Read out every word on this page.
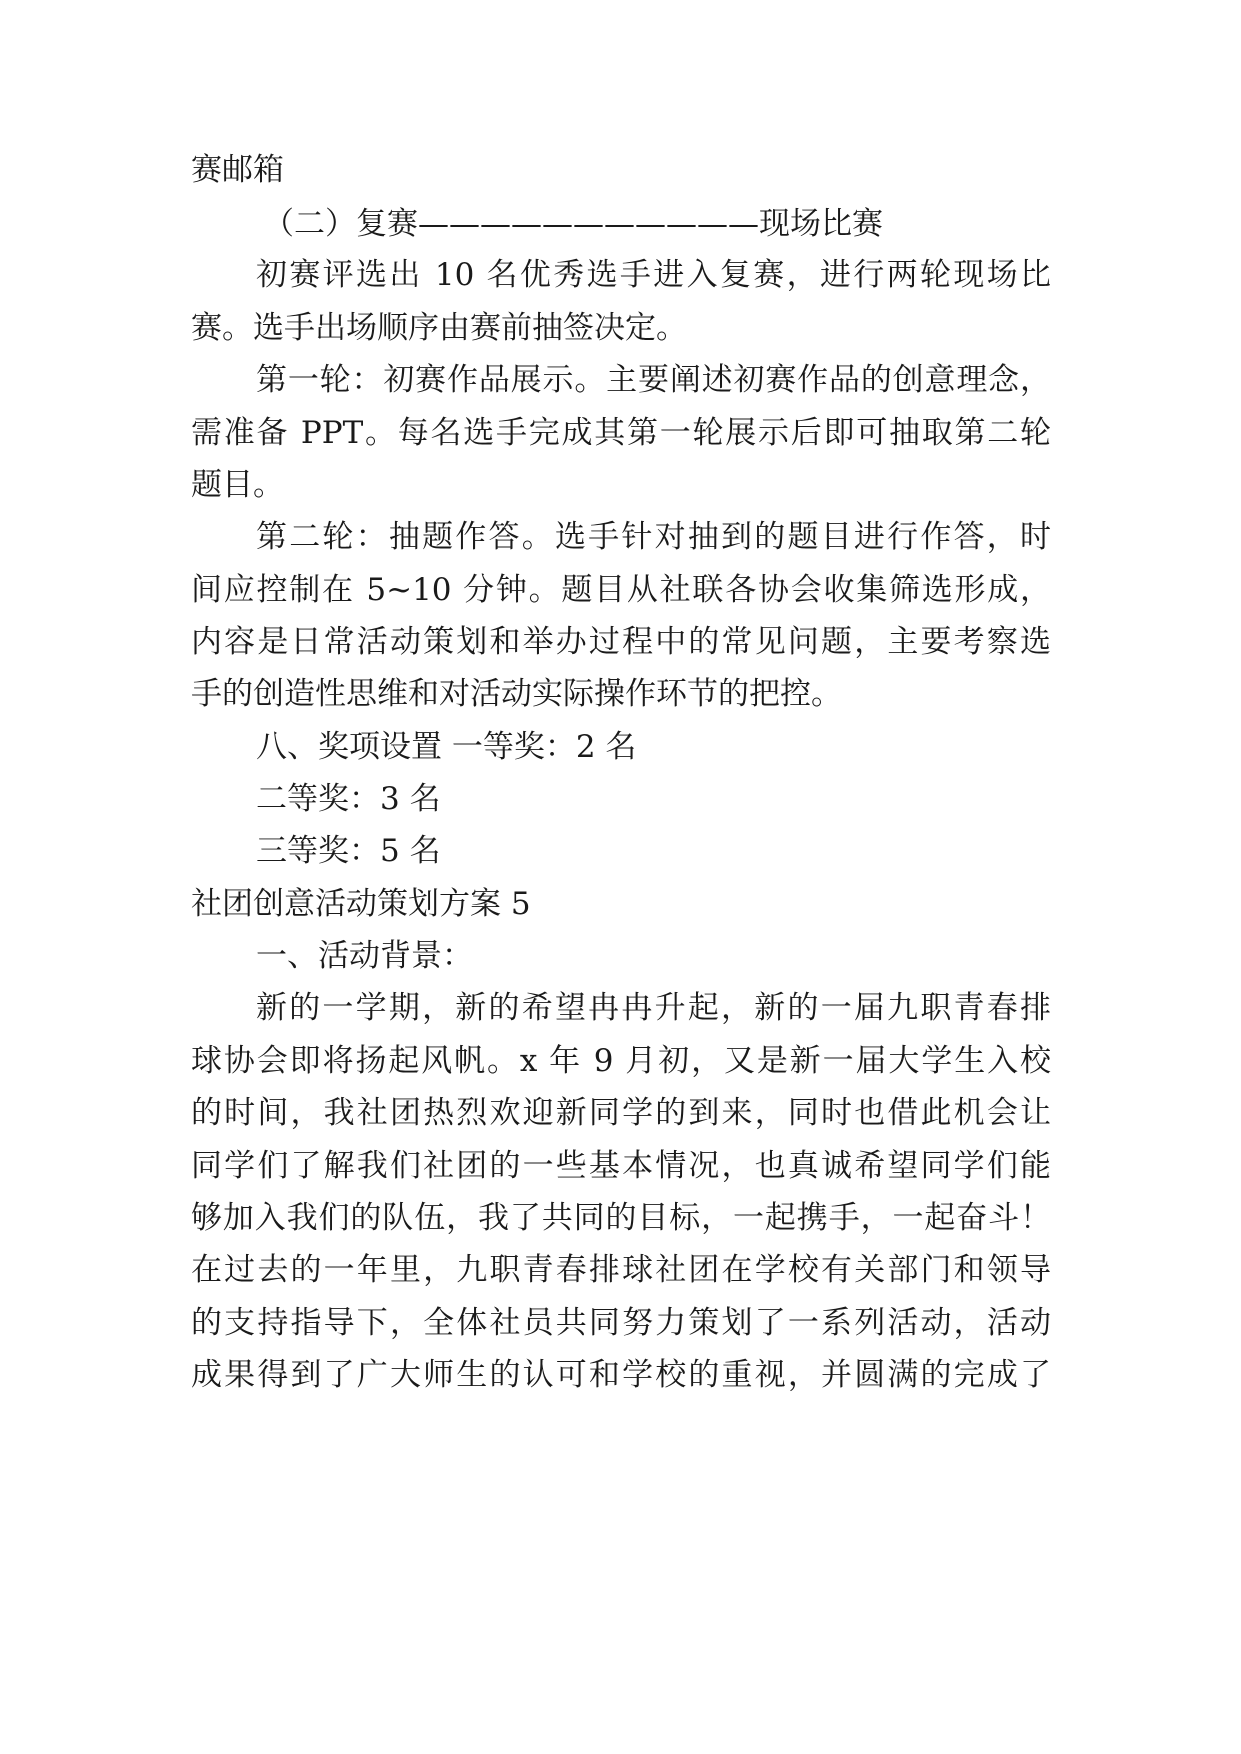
赛邮箱
（二）复赛———————————现场比赛
初赛评选出 10 名优秀选手进入复赛，进行两轮现场比
赛。选手出场顺序由赛前抽签决定。
第一轮：初赛作品展示。主要阐述初赛作品的创意理念，
需准备 PPT。每名选手完成其第一轮展示后即可抽取第二轮
题目。
第二轮：抽题作答。选手针对抽到的题目进行作答，时
间应控制在 5~10 分钟。题目从社联各协会收集筛选形成，
内容是日常活动策划和举办过程中的常见问题，主要考察选
手的创造性思维和对活动实际操作环节的把控。
八、奖项设置 一等奖：2 名
二等奖：3 名
三等奖：5 名
社团创意活动策划方案 5
一、活动背景：
新的一学期，新的希望冉冉升起，新的一届九职青春排
球协会即将扬起风帆。x 年 9 月初，又是新一届大学生入校
的时间，我社团热烈欢迎新同学的到来，同时也借此机会让
同学们了解我们社团的一些基本情况，也真诚希望同学们能
够加入我们的队伍，我了共同的目标，一起携手，一起奋斗！
在过去的一年里，九职青春排球社团在学校有关部门和领导
的支持指导下，全体社员共同努力策划了一系列活动，活动
成果得到了广大师生的认可和学校的重视，并圆满的完成了
